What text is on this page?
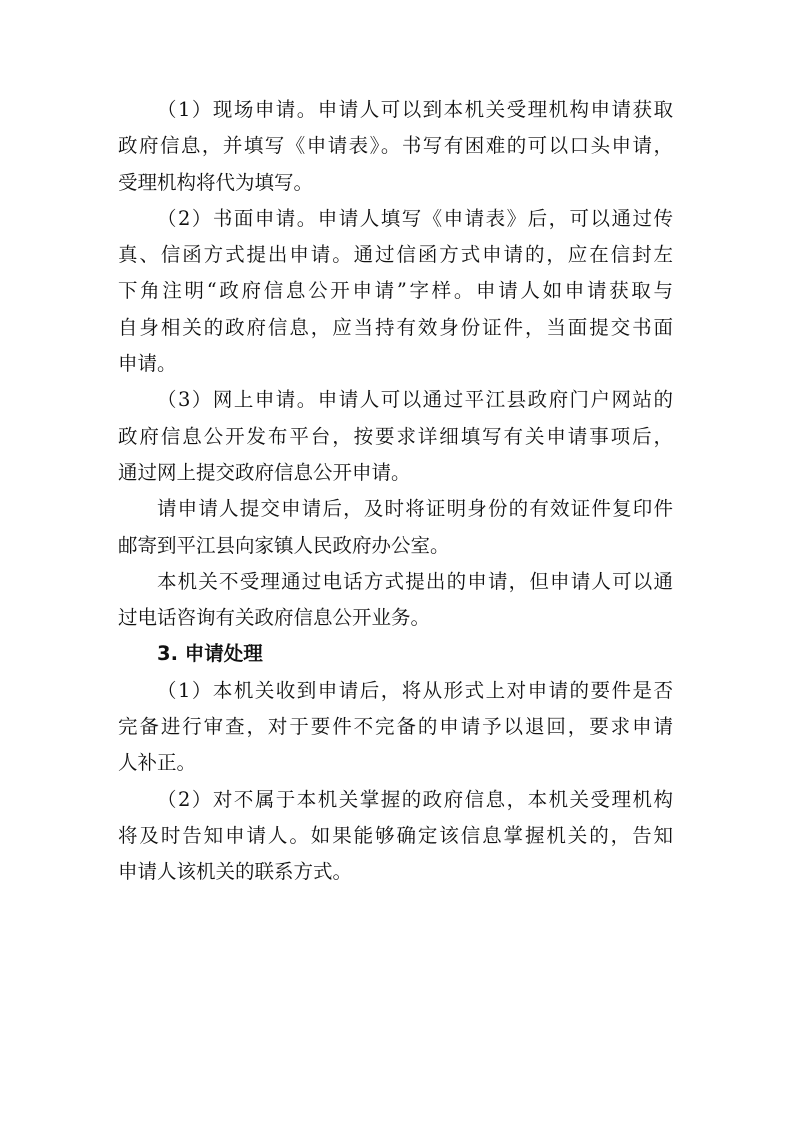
（1）现场申请。申请人可以到本机关受理机构申请获取
政府信息，并填写《申请表》。书写有困难的可以口头申请，
受理机构将代为填写。
（2）书面申请。申请人填写《申请表》后，可以通过传
真、信函方式提出申请。通过信函方式申请的，应在信封左
下角注明“政府信息公开申请”字样。申请人如申请获取与
自身相关的政府信息，应当持有效身份证件，当面提交书面
申请。
（3）网上申请。申请人可以通过平江县政府门户网站的
政府信息公开发布平台，按要求详细填写有关申请事项后，
通过网上提交政府信息公开申请。
请申请人提交申请后，及时将证明身份的有效证件复印件
邮寄到平江县向家镇人民政府办公室。
本机关不受理通过电话方式提出的申请，但申请人可以通
过电话咨询有关政府信息公开业务。
3. 申请处理
（1）本机关收到申请后，将从形式上对申请的要件是否
完备进行审查，对于要件不完备的申请予以退回，要求申请
人补正。
（2）对不属于本机关掌握的政府信息，本机关受理机构
将及时告知申请人。如果能够确定该信息掌握机关的，告知
申请人该机关的联系方式。
